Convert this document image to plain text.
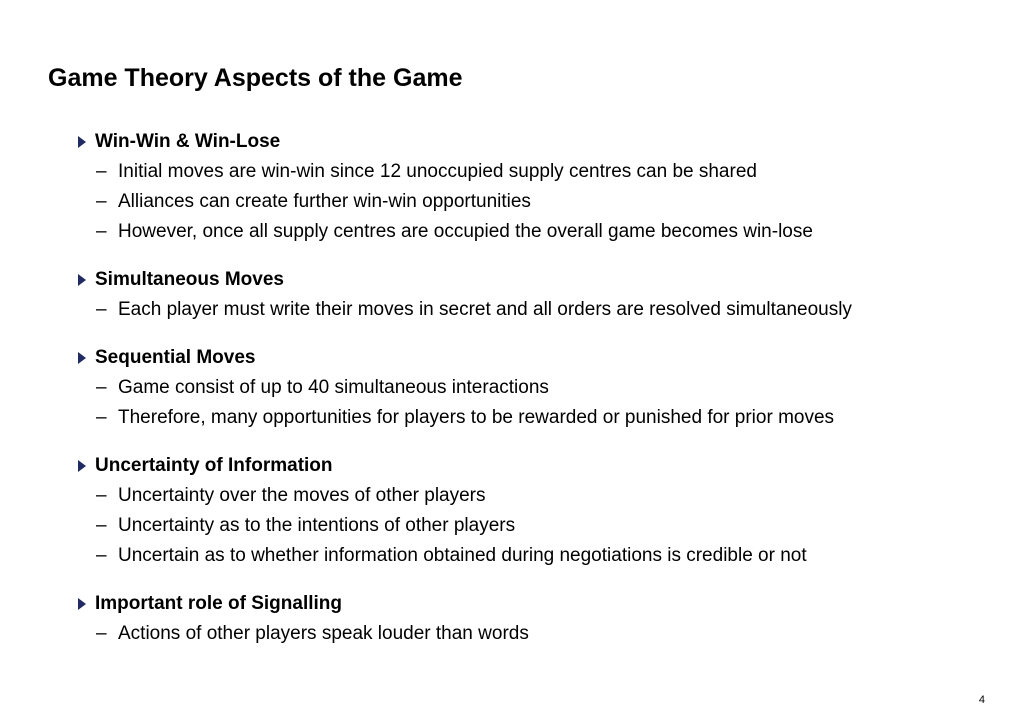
Game Theory Aspects of the Game
Win-Win & Win-Lose
– Initial moves are win-win since 12 unoccupied supply centres can be shared
– Alliances can create further win-win opportunities
– However, once all supply centres are occupied the overall game becomes win-lose
Simultaneous Moves
– Each player must write their moves in secret and all orders are resolved simultaneously
Sequential Moves
– Game consist of up to 40 simultaneous interactions
– Therefore, many opportunities for players to be rewarded or punished for prior moves
Uncertainty of Information
– Uncertainty over the moves of other players
– Uncertainty as to the intentions of other players
– Uncertain as to whether information obtained during negotiations is credible or not
Important role of Signalling
– Actions of other players speak louder than words
4
